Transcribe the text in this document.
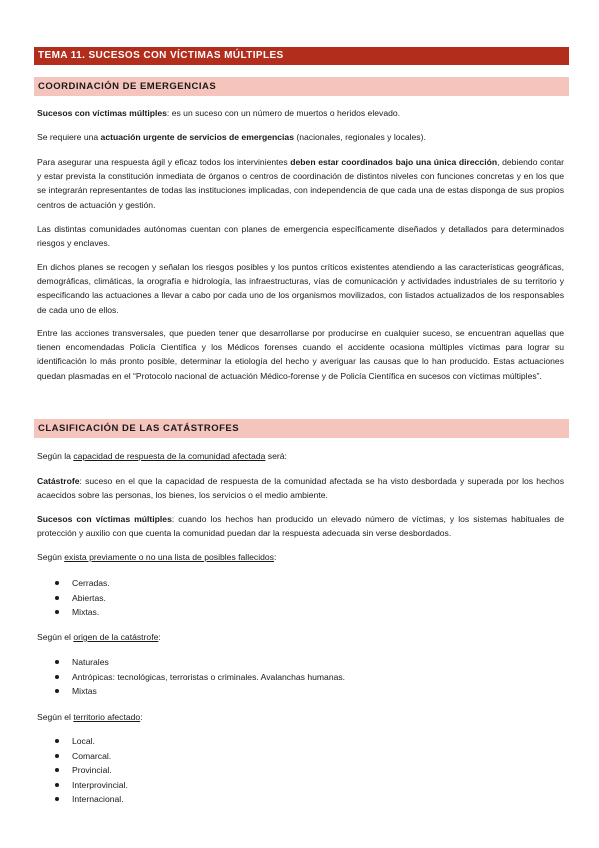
TEMA 11. SUCESOS CON VÍCTIMAS MÚLTIPLES
COORDINACIÓN DE EMERGENCIAS

Sucesos con víctimas múltiples: es un suceso con un número de muertos o heridos elevado.

Se requiere una actuación urgente de servicios de emergencias (nacionales, regionales y locales).

Para asegurar una respuesta ágil y eficaz todos los intervinientes deben estar coordinados bajo una única dirección, debiendo contar y estar prevista la constitución inmediata de órganos o centros de coordinación de distintos niveles con funciones concretas y en los que se integrarán representantes de todas las instituciones implicadas, con independencia de que cada una de estas disponga de sus propios centros de actuación y gestión.

Las distintas comunidades autónomas cuentan con planes de emergencia específicamente diseñados y detallados para determinados riesgos y enclaves.

En dichos planes se recogen y señalan los riesgos posibles y los puntos críticos existentes atendiendo a las características geográficas, demográficas, climáticas, la orografía e hidrología, las infraestructuras, vías de comunicación y actividades industriales de su territorio y especificando las actuaciones a llevar a cabo por cada uno de los organismos movilizados, con listados actualizados de los responsables de cada uno de ellos.

Entre las acciones transversales, que pueden tener que desarrollarse por producirse en cualquier suceso, se encuentran aquellas que tienen encomendadas Policía Científica y los Médicos forenses cuando el accidente ocasiona múltiples víctimas para lograr su identificación lo más pronto posible, determinar la etiología del hecho y averiguar las causas que lo han producido. Estas actuaciones quedan plasmadas en el “Protocolo nacional de actuación Médico-forense y de Policía Científica en sucesos con víctimas múltiples”.

CLASIFICACIÓN DE LAS CATÁSTROFES

Según la capacidad de respuesta de la comunidad afectada será:

Catástrofe: suceso en el que la capacidad de respuesta de la comunidad afectada se ha visto desbordada y superada por los hechos acaecidos sobre las personas, los bienes, los servicios o el medio ambiente.

Sucesos con víctimas múltiples: cuando los hechos han producido un elevado número de víctimas, y los sistemas habituales de protección y auxilio con que cuenta la comunidad puedan dar la respuesta adecuada sin verse desbordados.

Según exista previamente o no una lista de posibles fallecidos:

Cerradas.
Abiertas.
Mixtas.

Según el origen de la catástrofe:

Naturales
Antrópicas: tecnológicas, terroristas o criminales. Avalanchas humanas.
Mixtas

Según el territorio afectado:

Local.
Comarcal.
Provincial.
Interprovincial.
Internacional.
